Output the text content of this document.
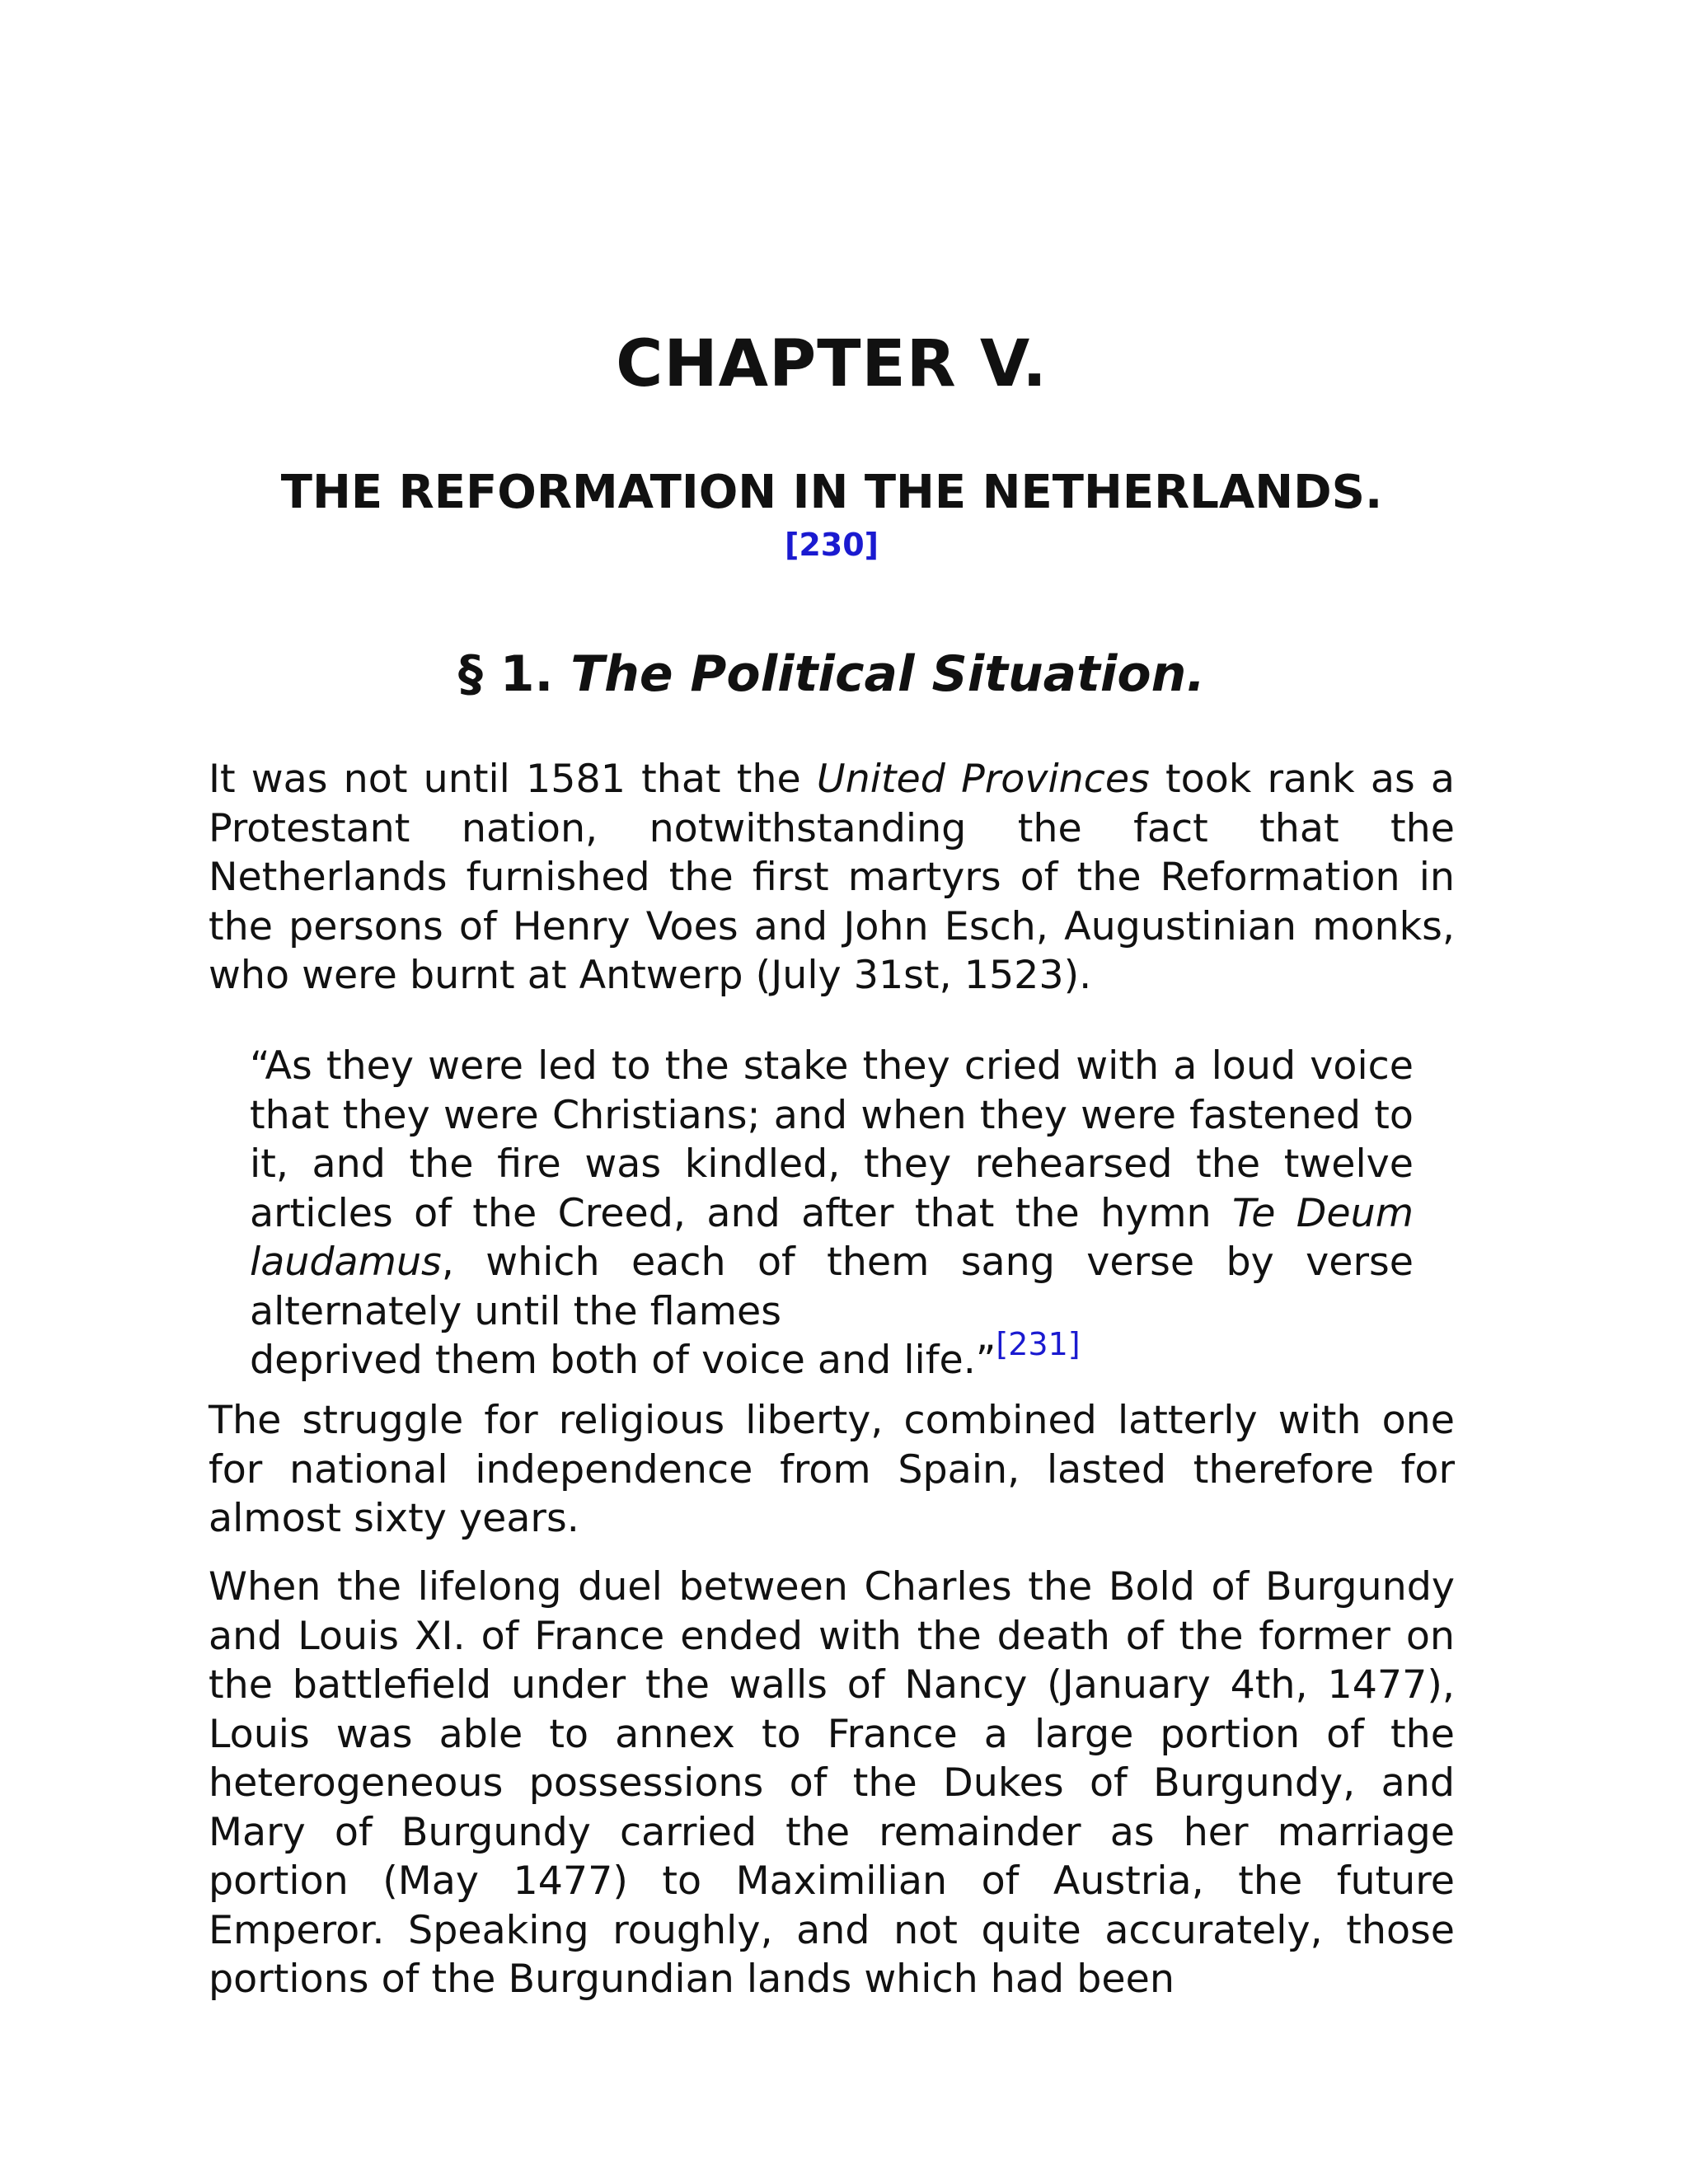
CHAPTER V.
THE REFORMATION IN THE NETHERLANDS.
[230]
§ 1. The Political Situation.

It was not until 1581 that the United Provinces took rank as a Protestant nation, notwithstanding the fact that the Netherlands furnished the first martyrs of the Reformation in the persons of Henry Voes and John Esch, Augustinian monks, who were burnt at Antwerp (July 31st, 1523).

“As they were led to the stake they cried with a loud voice that they were Christians; and when they were fastened to it, and the fire was kindled, they rehearsed the twelve articles of the Creed, and after that the hymn Te Deum laudamus, which each of them sang verse by verse alternately until the flames
deprived them both of voice and life.”[231]

The struggle for religious liberty, combined latterly with one for national independence from Spain, lasted therefore for almost sixty years.

When the lifelong duel between Charles the Bold of Burgundy and Louis XI. of France ended with the death of the former on the battlefield under the walls of Nancy (January 4th, 1477), Louis was able to annex to France a large portion of the heterogeneous possessions of the Dukes of Burgundy, and Mary of Burgundy carried the remainder as her marriage portion (May 1477) to Maximilian of Austria, the future Emperor. Speaking roughly, and not quite accurately, those portions of the Burgundian lands which had been
